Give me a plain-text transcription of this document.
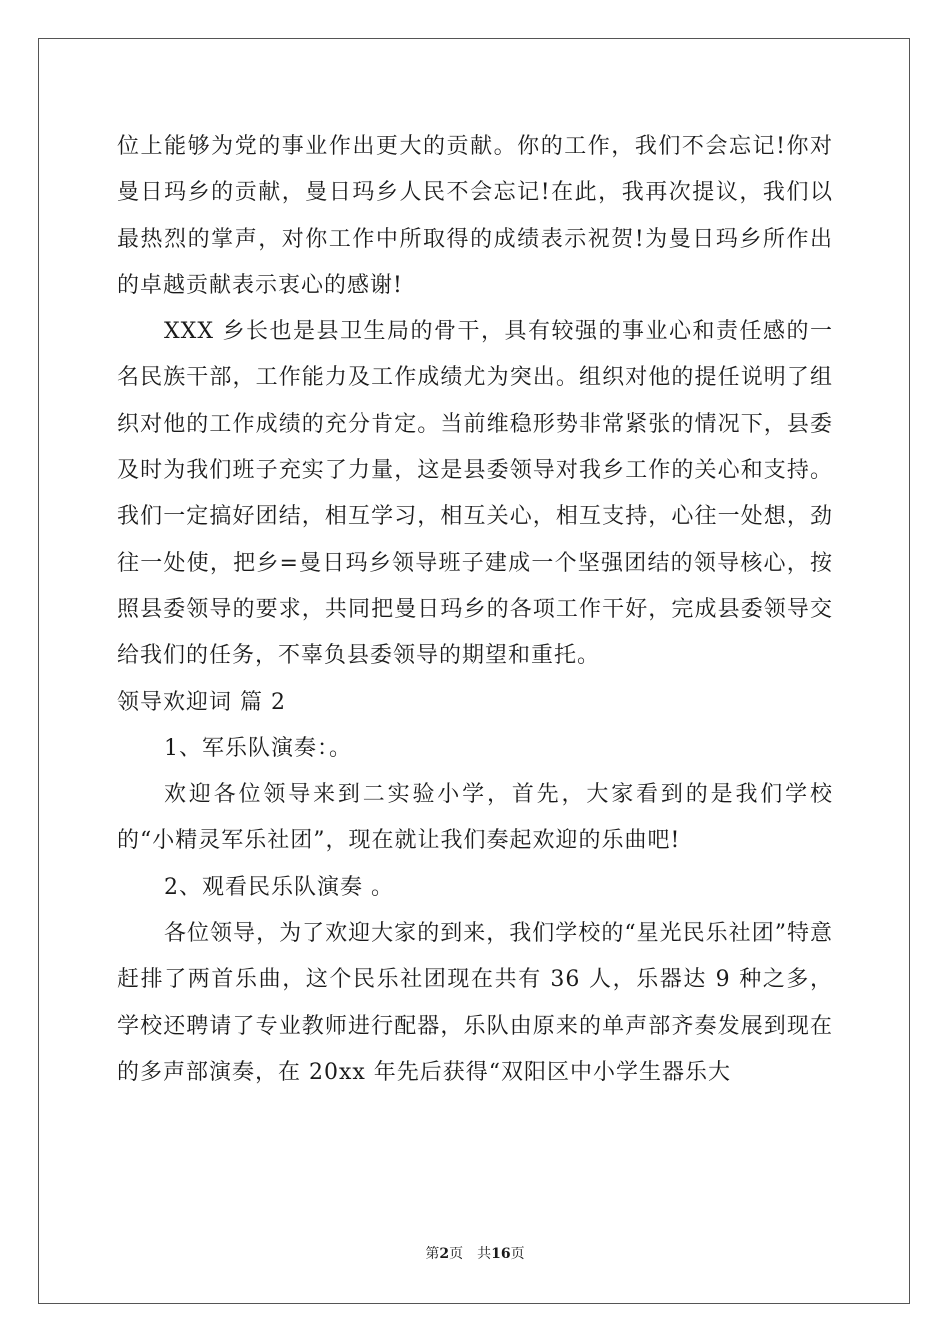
位上能够为党的事业作出更大的贡献。你的工作，我们不会忘记!你对曼日玛乡的贡献，曼日玛乡人民不会忘记!在此，我再次提议，我们以最热烈的掌声，对你工作中所取得的成绩表示祝贺!为曼日玛乡所作出的卓越贡献表示衷心的感谢!

XXX 乡长也是县卫生局的骨干，具有较强的事业心和责任感的一名民族干部，工作能力及工作成绩尤为突出。组织对他的提任说明了组织对他的工作成绩的充分肯定。当前维稳形势非常紧张的情况下，县委及时为我们班子充实了力量，这是县委领导对我乡工作的关心和支持。我们一定搞好团结，相互学习，相互关心，相互支持，心往一处想，劲往一处使，把乡=曼日玛乡领导班子建成一个坚强团结的领导核心，按照县委领导的要求，共同把曼日玛乡的各项工作干好，完成县委领导交给我们的任务，不辜负县委领导的期望和重托。

领导欢迎词 篇 2

1、军乐队演奏：。

欢迎各位领导来到二实验小学，首先，大家看到的是我们学校的“小精灵军乐社团”，现在就让我们奏起欢迎的乐曲吧!

2、观看民乐队演奏 。

各位领导，为了欢迎大家的到来，我们学校的“星光民乐社团”特意赶排了两首乐曲，这个民乐社团现在共有 36 人，乐器达 9 种之多，学校还聘请了专业教师进行配器，乐队由原来的单声部齐奏发展到现在的多声部演奏，在 20xx 年先后获得“双阳区中小学生器乐大

第2页 共16页
